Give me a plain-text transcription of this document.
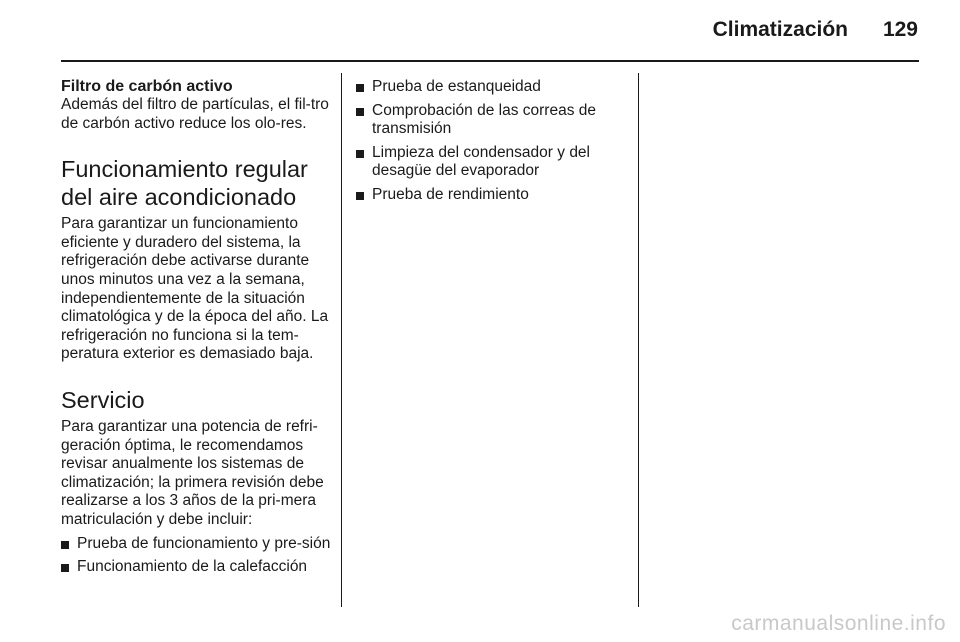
Climatización	129

Filtro de carbón activo

Además del filtro de partículas, el fil-tro de carbón activo reduce los olo-res.

Funcionamiento regular
del aire acondicionado

Para garantizar un funcionamiento eficiente y duradero del sistema, la refrigeración debe activarse durante unos minutos una vez a la semana, independientemente de la situación climatológica y de la época del año. La refrigeración no funciona si la tem-peratura exterior es demasiado baja.

Servicio

Para garantizar una potencia de refri-geración óptima, le recomendamos revisar anualmente los sistemas de climatización; la primera revisión debe realizarse a los 3 años de la pri-mera matriculación y debe incluir:

Prueba de funcionamiento y pre-sión
Funcionamiento de la calefacción
Prueba de estanqueidad
Comprobación de las correas de transmisión
Limpieza del condensador y del desagüe del evaporador
Prueba de rendimiento
carmanualsonline.info
